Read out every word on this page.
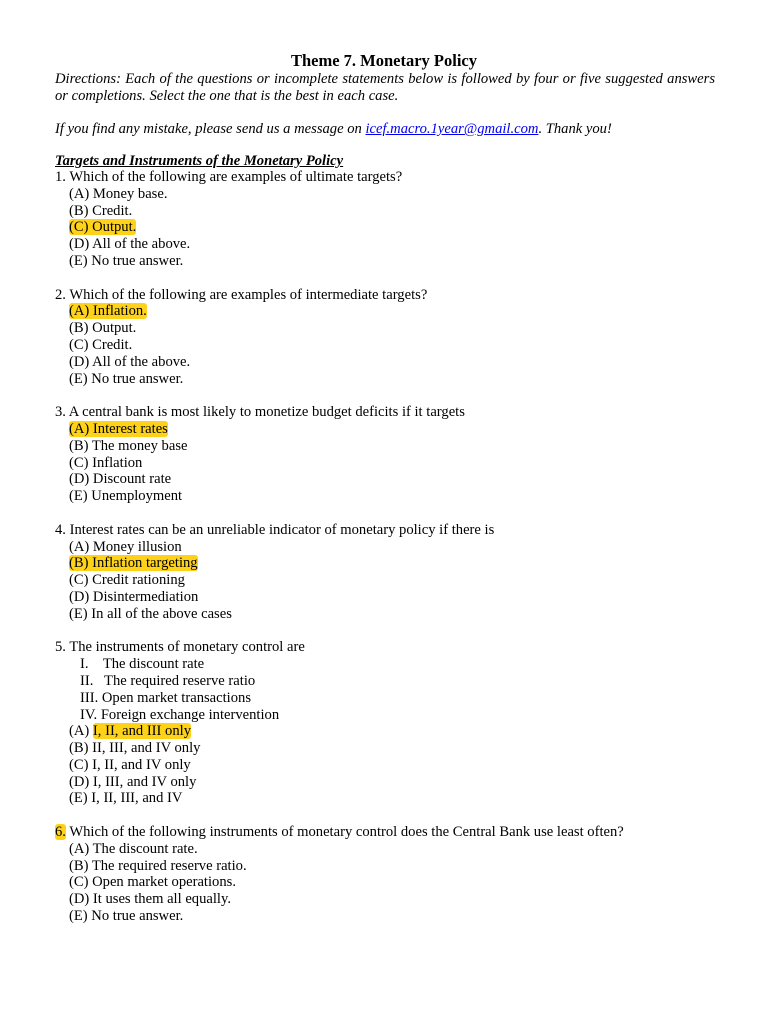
Theme 7. Monetary Policy
Directions: Each of the questions or incomplete statements below is followed by four or five suggested answers or completions. Select the one that is the best in each case.
If you find any mistake, please send us a message on icef.macro.1year@gmail.com. Thank you!
Targets and Instruments of the Monetary Policy
1. Which of the following are examples of ultimate targets?
(A) Money base.
(B) Credit.
(C) Output.
(D) All of the above.
(E) No true answer.
2. Which of the following are examples of intermediate targets?
(A) Inflation.
(B) Output.
(C) Credit.
(D) All of the above.
(E) No true answer.
3. A central bank is most likely to monetize budget deficits if it targets
(A) Interest rates
(B) The money base
(C) Inflation
(D) Discount rate
(E) Unemployment
4. Interest rates can be an unreliable indicator of monetary policy if there is
(A) Money illusion
(B) Inflation targeting
(C) Credit rationing
(D) Disintermediation
(E) In all of the above cases
5. The instruments of monetary control are
I.    The discount rate
II.   The required reserve ratio
III. Open market transactions
IV. Foreign exchange intervention
(A) I, II, and III only
(B) II, III, and IV only
(C) I, II, and IV only
(D) I, III, and IV only
(E) I, II, III, and IV
6. Which of the following instruments of monetary control does the Central Bank use least often?
(A) The discount rate.
(B) The required reserve ratio.
(C) Open market operations.
(D) It uses them all equally.
(E) No true answer.
